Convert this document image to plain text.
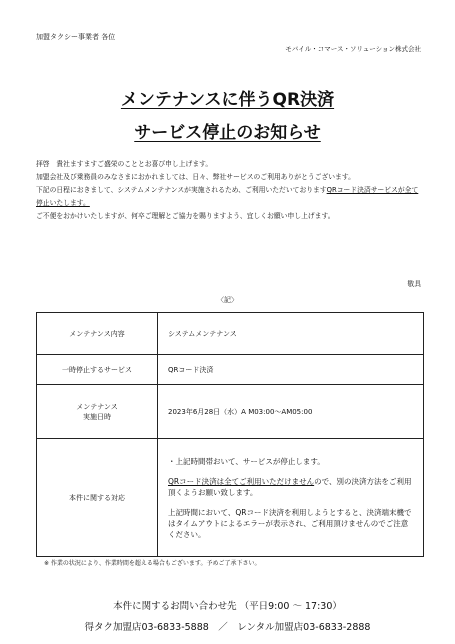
加盟タクシー事業者 各位
モバイル・コマース・ソリューション株式会社
メンテナンスに伴うQR決済
サービス停止のお知らせ

拝啓　貴社ますますご盛栄のこととお喜び申し上げます。

加盟会社及び乗務員のみなさまにおかれましては、日々、弊社サービスのご利用ありがとうございます。

下記の日程におきまして、システムメンテナンスが実施されるため、ご利用いただいておりますQRコード決済サービスが全て停止いたします。

ご不便をおかけいたしますが、何卒ご理解とご協力を賜りますよう、宜しくお願い申し上げます。

敬具
〈記〉
メンテナンス内容	システムメンテナンス
一時停止するサービス	QRコード決済

メンテナンス
実施日時	2023年6月28日（水）A M03:00～AM05:00
本件に関する対応	・上記時間帯おいて、サービスが停止します。

QRコード決済は全てご利用いただけませんので、別の決済方法をご利用頂くようお願い致します。

上記時間において、QRコード決済を利用しようとすると、決済端末機ではタイムアウトによるエラーが表示され、ご利用頂けませんのでご注意ください。

※ 作業の状況により、作業時間を超える場合もございます。予めご了承下さい。
本件に関するお問い合わせ先 （平日9:00 ～ 17:30）
得タク加盟店03-6833-5888　／　レンタル加盟店03-6833-2888
